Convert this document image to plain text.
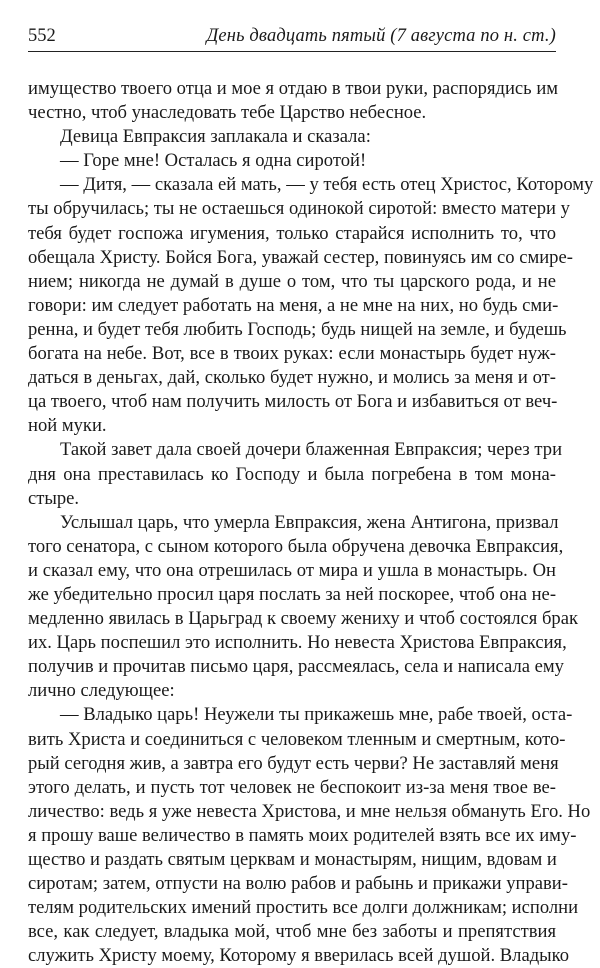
552	День двадцать пятый (7 августа по н. ст.)
имущество твоего отца и мое я отдаю в твои руки, распорядись им
честно, чтоб унаследовать тебе Царство небесное.
Девица Евпраксия заплакала и сказала:
— Горе мне! Осталась я одна сиротой!
— Дитя, — сказала ей мать, — у тебя есть отец Христос, Которому
ты обручилась; ты не остаешься одинокой сиротой: вместо матери у
тебя будет госпожа игумения, только старайся исполнить то, что
обещала Христу. Бойся Бога, уважай сестер, повинуясь им со смире-
нием; никогда не думай в душе о том, что ты царского рода, и не
говори: им следует работать на меня, а не мне на них, но будь сми-
ренна, и будет тебя любить Господь; будь нищей на земле, и будешь
богата на небе. Вот, все в твоих руках: если монастырь будет нуж-
даться в деньгах, дай, сколько будет нужно, и молись за меня и от-
ца твоего, чтоб нам получить милость от Бога и избавиться от веч-
ной муки.
Такой завет дала своей дочери блаженная Евпраксия; через три
дня она преставилась ко Господу и была погребена в том мона-
стыре.
Услышал царь, что умерла Евпраксия, жена Антигона, призвал
того сенатора, с сыном которого была обручена девочка Евпраксия,
и сказал ему, что она отрешилась от мира и ушла в монастырь. Он
же убедительно просил царя послать за ней поскорее, чтоб она не-
медленно явилась в Царьград к своему жениху и чтоб состоялся брак
их. Царь поспешил это исполнить. Но невеста Христова Евпраксия,
получив и прочитав письмо царя, рассмеялась, села и написала ему
лично следующее:
— Владыко царь! Неужели ты прикажешь мне, рабе твоей, оста-
вить Христа и соединиться с человеком тленным и смертным, кото-
рый сегодня жив, а завтра его будут есть черви? Не заставляй меня
этого делать, и пусть тот человек не беспокоит из-за меня твое ве-
личество: ведь я уже невеста Христова, и мне нельзя обмануть Его. Но
я прошу ваше величество в память моих родителей взять все их иму-
щество и раздать святым церквам и монастырям, нищим, вдовам и
сиротам; затем, отпусти на волю рабов и рабынь и прикажи управи-
телям родительских имений простить все долги должникам; исполни
все, как следует, владыка мой, чтоб мне без заботы и препятствия
служить Христу моему, Которому я вверилась всей душой. Владыко
